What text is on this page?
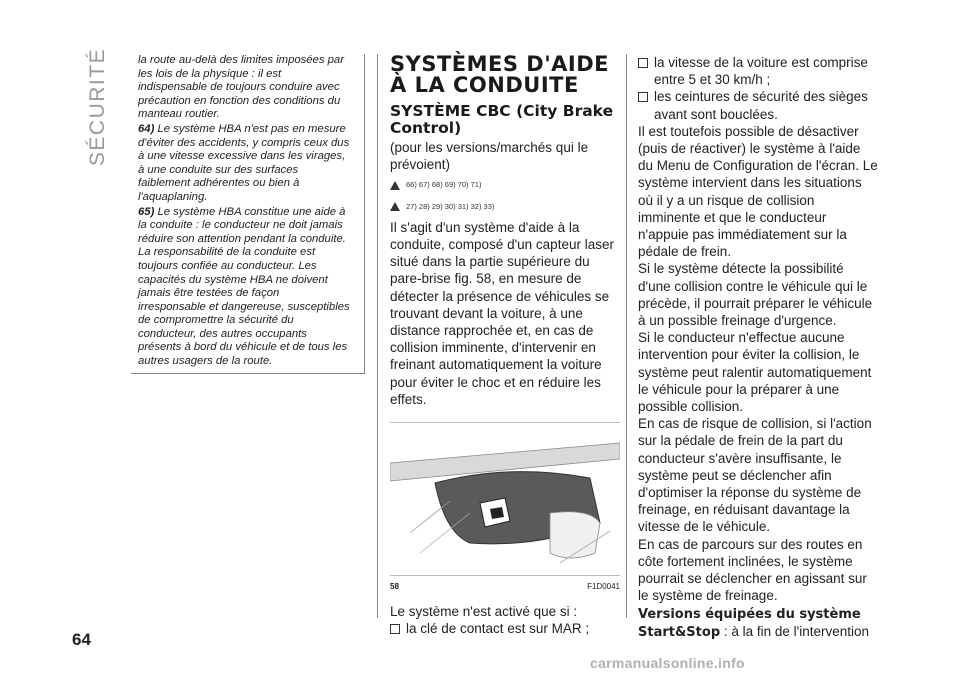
SÉCURITÉ	la route au-delà des limites imposées par les lois de la physique : il est indispensable de toujours conduire avec précaution en fonction des conditions du manteau routier.

64) Le système HBA n'est pas en mesure d'éviter des accidents, y compris ceux dus à une vitesse excessive dans les virages, à une conduite sur des surfaces faiblement adhérentes ou bien à l'aquaplaning.

65) Le système HBA constitue une aide à la conduite : le conducteur ne doit jamais réduire son attention pendant la conduite. La responsabilité de la conduite est toujours confiée au conducteur. Les capacités du système HBA ne doivent jamais être testées de façon irresponsable et dangereuse, susceptibles de compromettre la sécurité du conducteur, des autres occupants présents à bord du véhicule et de tous les autres usagers de la route.

SYSTÈMES D'AIDE À LA CONDUITE
SYSTÈME CBC (City Brake Control)

(pour les versions/marchés qui le prévoient)

66) 67) 68) 69) 70) 71)
27) 28) 29) 30) 31) 32) 33)

Il s'agit d'un système d'aide à la conduite, composé d'un capteur laser situé dans la partie supérieure du pare-brise fig. 58, en mesure de détecter la présence de véhicules se trouvant devant la voiture, à une distance rapprochée et, en cas de collision imminente, d'intervenir en freinant automatiquement la voiture pour éviter le choc et en réduire les effets.

58	F1D0041

Le système n'est activé que si :

la clé de contact est sur MAR ;
la vitesse de la voiture est comprise entre 5 et 30 km/h ;
les ceintures de sécurité des sièges avant sont bouclées.

Il est toutefois possible de désactiver (puis de réactiver) le système à l'aide du Menu de Configuration de l'écran. Le système intervient dans les situations où il y a un risque de collision imminente et que le conducteur n'appuie pas immédiatement sur la pédale de frein.

Si le système détecte la possibilité d'une collision contre le véhicule qui le précède, il pourrait préparer le véhicule à un possible freinage d'urgence.

Si le conducteur n'effectue aucune intervention pour éviter la collision, le système peut ralentir automatiquement le véhicule pour la préparer à une possible collision.

En cas de risque de collision, si l'action sur la pédale de frein de la part du conducteur s'avère insuffisante, le système peut se déclencher afin d'optimiser la réponse du système de freinage, en réduisant davantage la vitesse de le véhicule.

En cas de parcours sur des routes en côte fortement inclinées, le système pourrait se déclencher en agissant sur le système de freinage.

Versions équipées du système Start&Stop : à la fin de l'intervention

64
carmanualsonline.info
